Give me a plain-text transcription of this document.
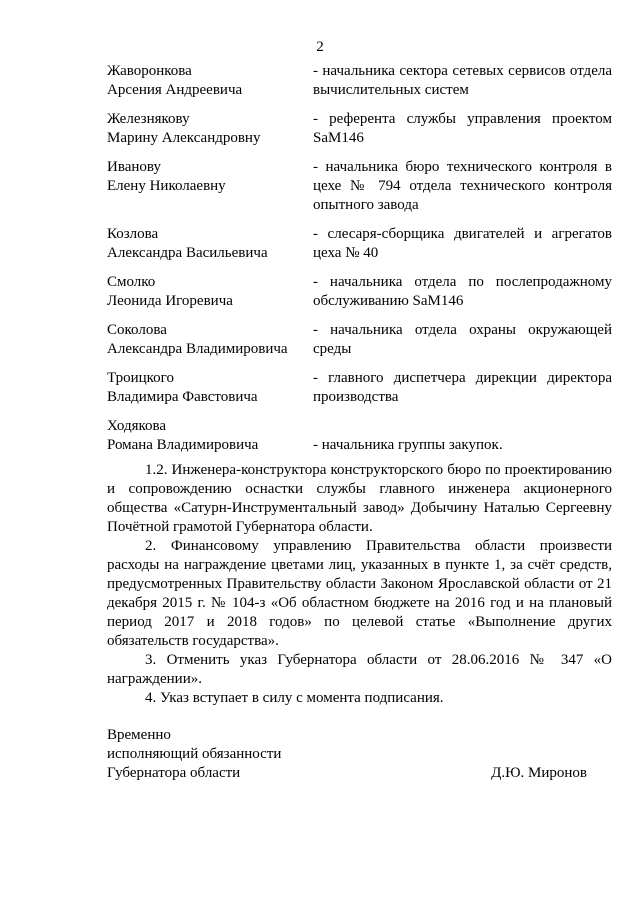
2
Жаворонкова
Арсения Андреевича
- начальника сектора сетевых сервисов отдела вычислительных систем
Железнякову
Марину Александровну
- референта службы управления проектом SaM146
Иванову
Елену Николаевну
- начальника бюро технического контроля в цехе № 794 отдела технического контроля опытного завода
Козлова
Александра Васильевича
- слесаря-сборщика двигателей и агрегатов цеха № 40
Смолко
Леонида Игоревича
- начальника отдела по послепродажному обслуживанию SaM146
Соколова
Александра Владимировича
- начальника отдела охраны окружающей среды
Троицкого
Владимира Фавстовича
- главного диспетчера дирекции директора производства
Ходякова
Романа Владимировича	- начальника группы закупок.

1.2. Инженера-конструктора конструкторского бюро по проектированию и сопровождению оснастки службы главного инженера акционерного общества «Сатурн-Инструментальный завод» Добычину Наталью Сергеевну Почётной грамотой Губернатора области.

2. Финансовому управлению Правительства области произвести расходы на награждение цветами лиц, указанных в пункте 1, за счёт средств, предусмотренных Правительству области Законом Ярославской области от 21 декабря 2015 г. № 104-з «Об областном бюджете на 2016 год и на плановый период 2017 и 2018 годов» по целевой статье «Выполнение других обязательств государства».

3. Отменить указ Губернатора области от 28.06.2016 № 347 «О награждении».

4. Указ вступает в силу с момента подписания.

Временно
исполняющий обязанности
Губернатора области	Д.Ю. Миронов
